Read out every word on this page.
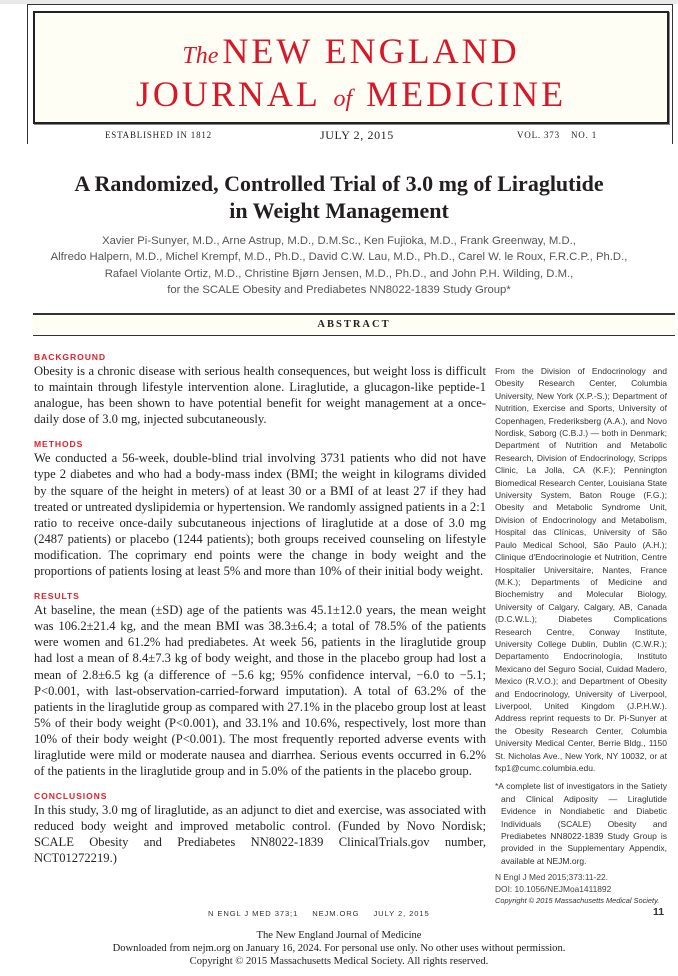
The NEW ENGLAND
JOURNAL of MEDICINE
ESTABLISHED IN 1812	JULY 2, 2015	VOL. 373 NO. 1
A Randomized, Controlled Trial of 3.0 mg of Liraglutide
in Weight Management
Xavier Pi-Sunyer, M.D., Arne Astrup, M.D., D.M.Sc., Ken Fujioka, M.D., Frank Greenway, M.D.,
Alfredo Halpern, M.D., Michel Krempf, M.D., Ph.D., David C.W. Lau, M.D., Ph.D., Carel W. le Roux, F.R.C.P., Ph.D.,
Rafael Violante Ortiz, M.D., Christine Bjørn Jensen, M.D., Ph.D., and John P.H. Wilding, D.M.,
for the SCALE Obesity and Prediabetes NN8022-1839 Study Group*
ABSTRACT
BACKGROUND

Obesity is a chronic disease with serious health consequences, but weight loss is difficult to maintain through lifestyle intervention alone. Liraglutide, a glucagon-like peptide-1 analogue, has been shown to have potential benefit for weight management at a once-daily dose of 3.0 mg, injected subcutaneously.

METHODS

We conducted a 56-week, double-blind trial involving 3731 patients who did not have type 2 diabetes and who had a body-mass index (BMI; the weight in kilograms divided by the square of the height in meters) of at least 30 or a BMI of at least 27 if they had treated or untreated dyslipidemia or hypertension. We randomly assigned patients in a 2:1 ratio to receive once-daily subcutaneous injections of liraglutide at a dose of 3.0 mg (2487 patients) or placebo (1244 patients); both groups received counseling on lifestyle modification. The coprimary end points were the change in body weight and the proportions of patients losing at least 5% and more than 10% of their initial body weight.

RESULTS

At baseline, the mean (±SD) age of the patients was 45.1±12.0 years, the mean weight was 106.2±21.4 kg, and the mean BMI was 38.3±6.4; a total of 78.5% of the patients were women and 61.2% had prediabetes. At week 56, patients in the liraglutide group had lost a mean of 8.4±7.3 kg of body weight, and those in the placebo group had lost a mean of 2.8±6.5 kg (a difference of −5.6 kg; 95% confidence interval, −6.0 to −5.1; P<0.001, with last-observation-carried-forward imputation). A total of 63.2% of the patients in the liraglutide group as compared with 27.1% in the placebo group lost at least 5% of their body weight (P<0.001), and 33.1% and 10.6%, respectively, lost more than 10% of their body weight (P<0.001). The most frequently reported adverse events with liraglutide were mild or moderate nausea and diarrhea. Serious events occurred in 6.2% of the patients in the liraglutide group and in 5.0% of the patients in the placebo group.

CONCLUSIONS

In this study, 3.0 mg of liraglutide, as an adjunct to diet and exercise, was associated with reduced body weight and improved metabolic control. (Funded by Novo Nordisk; SCALE Obesity and Prediabetes NN8022-1839 ClinicalTrials.gov number, NCT01272219.)

From the Division of Endocrinology and Obesity Research Center, Columbia University, New York (X.P.-S.); Department of Nutrition, Exercise and Sports, University of Copenhagen, Frederiksberg (A.A.), and Novo Nordisk, Søborg (C.B.J.) — both in Denmark; Department of Nutrition and Metabolic Research, Division of Endocrinology, Scripps Clinic, La Jolla, CA (K.F.); Pennington Biomedical Research Center, Louisiana State University System, Baton Rouge (F.G.); Obesity and Metabolic Syndrome Unit, Division of Endocrinology and Metabolism, Hospital das Clínicas, University of São Paulo Medical School, São Paulo (A.H.); Clinique d'Endocrinologie et Nutrition, Centre Hospitalier Universitaire, Nantes, France (M.K.); Departments of Medicine and Biochemistry and Molecular Biology, University of Calgary, Calgary, AB, Canada (D.C.W.L.); Diabetes Complications Research Centre, Conway Institute, University College Dublin, Dublin (C.W.R.); Departamento Endocrinología, Instituto Mexicano del Seguro Social, Cuidad Madero, Mexico (R.V.O.); and Department of Obesity and Endocrinology, University of Liverpool, Liverpool, United Kingdom (J.P.H.W.). Address reprint requests to Dr. Pi-Sunyer at the Obesity Research Center, Columbia University Medical Center, Berrie Bldg., 1150 St. Nicholas Ave., New York, NY 10032, or at fxp1@cumc.columbia.edu.

*A complete list of investigators in the Satiety and Clinical Adiposity — Liraglutide Evidence in Nondiabetic and Diabetic Individuals (SCALE) Obesity and Prediabetes NN8022-1839 Study Group is provided in the Supplementary Appendix, available at NEJM.org.

N Engl J Med 2015;373:11-22.
DOI: 10.1056/NEJMoa1411892
Copyright © 2015 Massachusetts Medical Society.
N ENGL J MED 373;1 NEJM.ORG JULY 2, 2015	11
The New England Journal of Medicine
Downloaded from nejm.org on January 16, 2024. For personal use only. No other uses without permission.
Copyright © 2015 Massachusetts Medical Society. All rights reserved.
